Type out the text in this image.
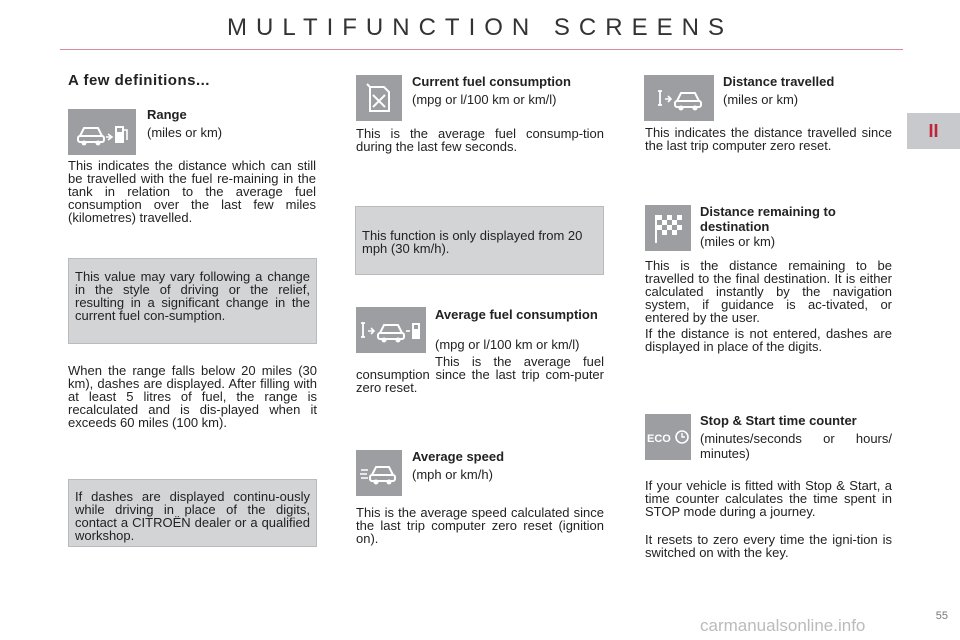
MULTIFUNCTION SCREENS
II
A few definitions...
Range
(miles or km)
This indicates the distance which can still be travelled with the fuel re-maining in the tank in relation to the average fuel consumption over the last few miles (kilometres) travelled.
This value may vary following a change in the style of driving or the relief, resulting in a significant change in the current fuel con-sumption.
When the range falls below 20 miles (30 km), dashes are displayed. After filling with at least 5 litres of fuel, the range is recalculated and is dis-played when it exceeds 60 miles (100 km).
If dashes are displayed continu-ously while driving in place of the digits, contact a CITROËN dealer or a qualified workshop.
Current fuel consumption
(mpg or l/100 km or km/l)
This is the average fuel consump-tion during the last few seconds.
This function is only displayed from 20 mph (30 km/h).
Average fuel consumption
(mpg or l/100 km or km/l)
This is the average fuel consumption since the last trip com-puter zero reset.
Average speed
(mph or km/h)
This is the average speed calculated since the last trip computer zero reset (ignition on).
Distance travelled
(miles or km)
This indicates the distance travelled since the last trip computer zero reset.
Distance remaining to destination
(miles or km)
This is the distance remaining to be travelled to the final destination. It is either calculated instantly by the navigation system, if guidance is ac-tivated, or entered by the user.
If the distance is not entered, dashes are displayed in place of the digits.
ECO
Stop & Start time counter
(minutes/seconds or hours/ minutes)
If your vehicle is fitted with Stop & Start, a time counter calculates the time spent in STOP mode during a journey.
It resets to zero every time the igni-tion is switched on with the key.
55
carmanualsonline.info
